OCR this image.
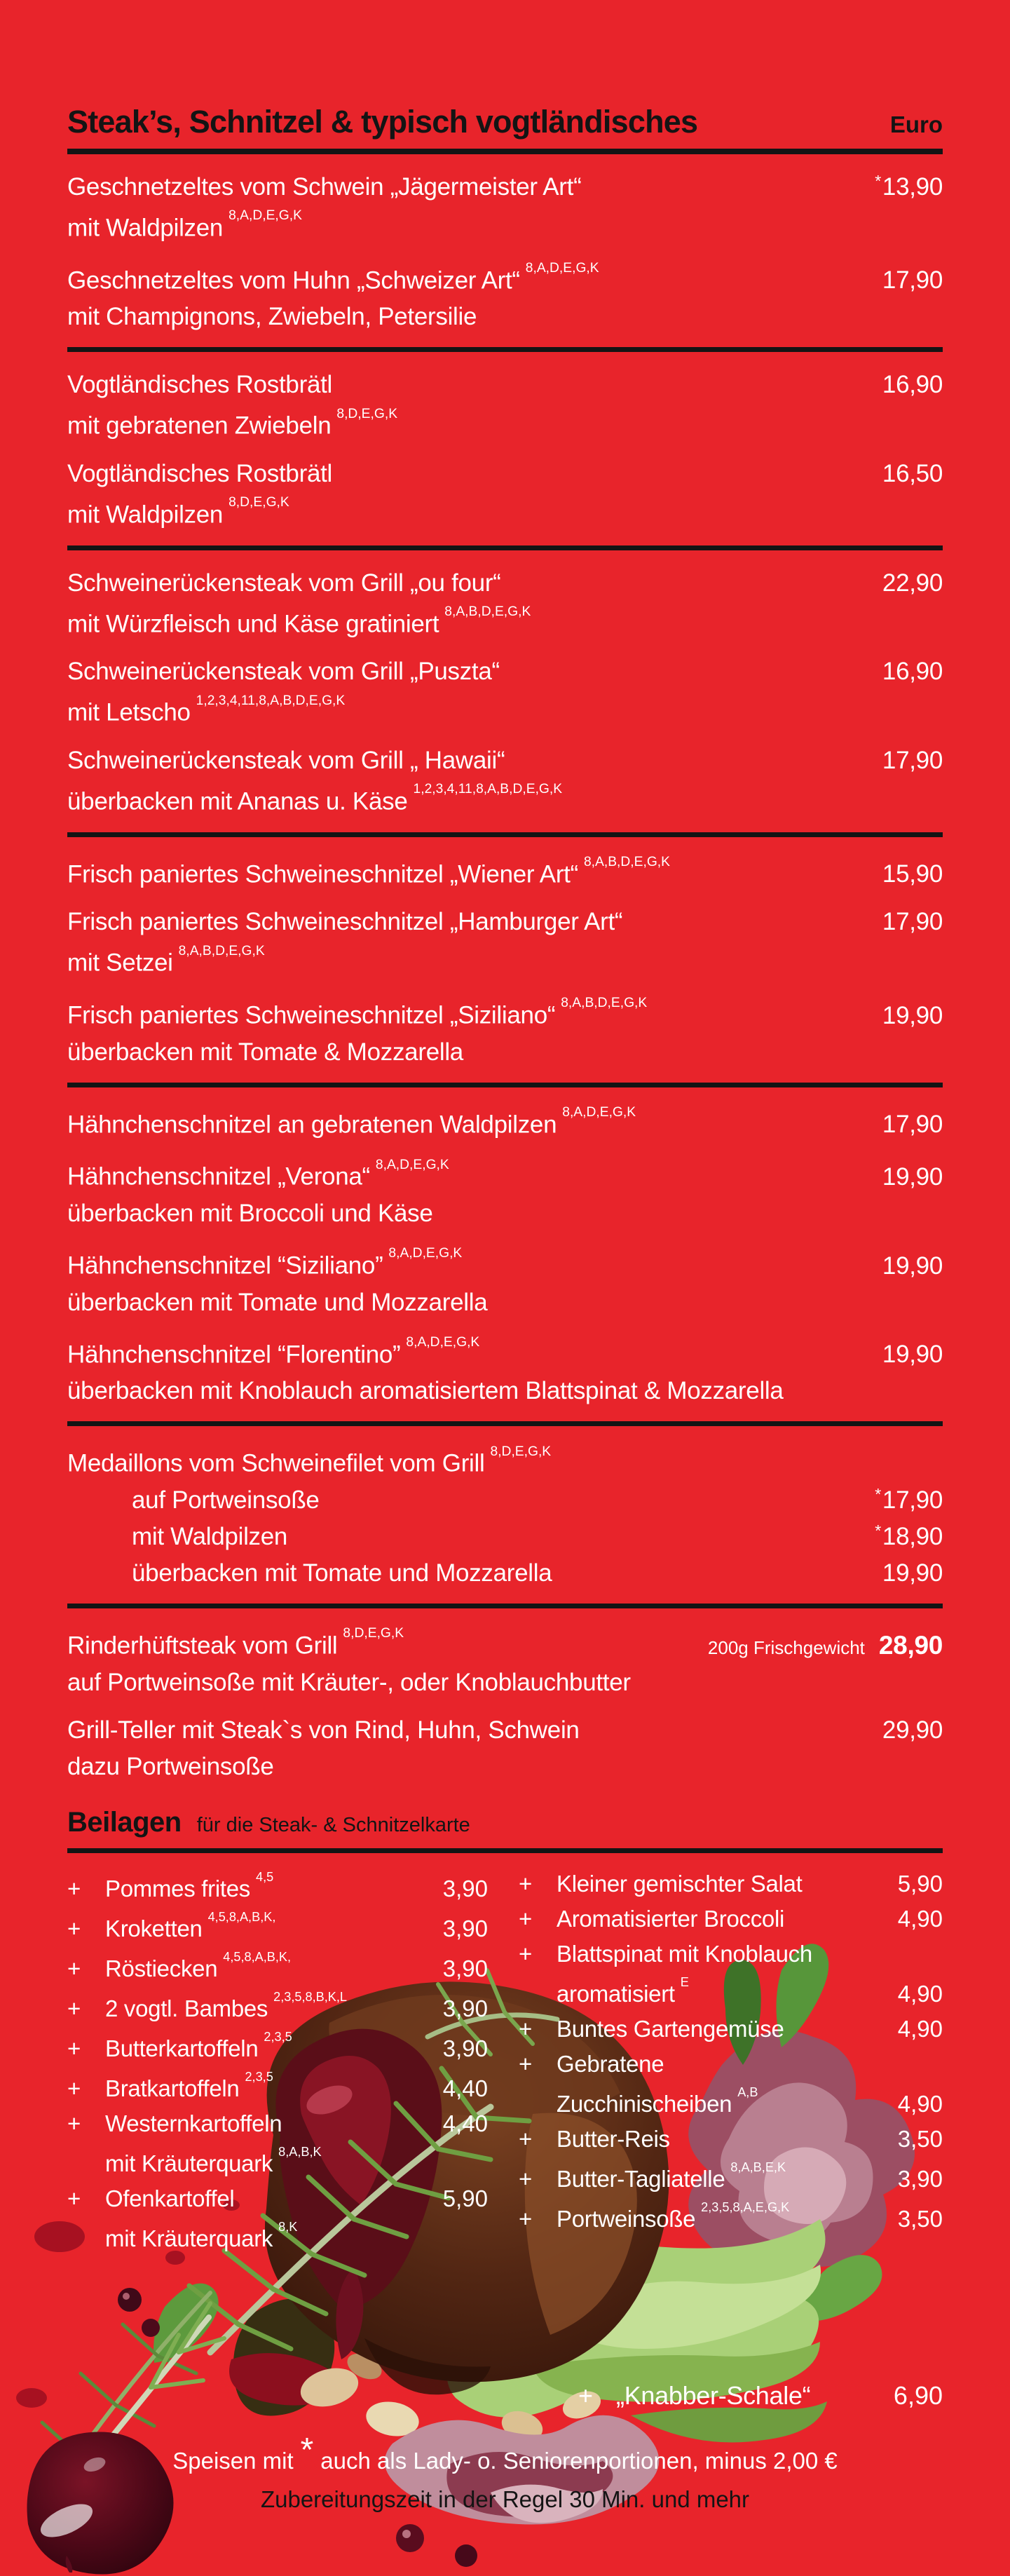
Steak’s, Schnitzel & typisch vogtländisches	Euro
Geschnetzeltes vom Schwein „Jägermeister Art“	*13,90
mit Waldpilzen $^{8,A,D,E,G,K}$
Geschnetzeltes vom Huhn „Schweizer Art“ $^{8,A,D,E,G,K}$	17,90
mit Champignons, Zwiebeln, Petersilie
Vogtländisches Rostbrätl	16,90
mit gebratenen Zwiebeln $^{8,D,E,G,K}$
Vogtländisches Rostbrätl	16,50
mit Waldpilzen $^{8,D,E,G,K}$
Schweinerückensteak vom Grill „ou four“	22,90
mit Würzfleisch und Käse gratiniert $^{8,A,B,D,E,G,K}$
Schweinerückensteak vom Grill „Puszta“	16,90
mit Letscho $^{1,2,3,4,11,8,A,B,D,E,G,K}$
Schweinerückensteak vom Grill „ Hawaii“	17,90
überbacken mit Ananas u. Käse $^{1,2,3,4,11,8,A,B,D,E,G,K}$
Frisch paniertes Schweineschnitzel „Wiener Art“ $^{8,A,B,D,E,G,K}$	15,90
Frisch paniertes Schweineschnitzel „Hamburger Art“	17,90
mit Setzei $^{8,A,B,D,E,G,K}$
Frisch paniertes Schweineschnitzel „Siziliano“ $^{8,A,B,D,E,G,K}$	19,90
überbacken mit Tomate & Mozzarella
Hähnchenschnitzel an gebratenen Waldpilzen $^{8,A,D,E,G,K}$	17,90
Hähnchenschnitzel „Verona“ $^{8,A,D,E,G,K}$	19,90
überbacken mit Broccoli und Käse
Hähnchenschnitzel “Siziliano” $^{8,A,D,E,G,K}$	19,90
überbacken mit Tomate und Mozzarella
Hähnchenschnitzel “Florentino” $^{8,A,D,E,G,K}$	19,90
überbacken mit Knoblauch aromatisiertem Blattspinat & Mozzarella
Medaillons vom Schweinefilet vom Grill $^{8,D,E,G,K}$
auf Portweinsoße	*17,90
mit Waldpilzen	*18,90
überbacken mit Tomate und Mozzarella	19,90
Rinderhüftsteak vom Grill $^{8,D,E,G,K}$
200g Frischgewicht 28,90
auf Portweinsoße mit Kräuter-, oder Knoblauchbutter
Grill-Teller mit Steak`s von Rind, Huhn, Schwein	29,90
dazu Portweinsoße
Beilagen für die Steak- & Schnitzelkarte
+	Pommes frites $^{4,5}$	3,90
+	Kroketten $^{4,5,8,A,B,K,}$	3,90
+	Röstiecken $^{4,5,8,A,B,K,}$	3,90
+	2 vogtl. Bambes $^{2,3,5,8,B,K,L}$	3,90
+	Butterkartoffeln $^{2,3,5}$	3,90
+	Bratkartoffeln $^{2,3,5}$	4,40
+	Westernkartoffeln	4,40
mit Kräuterquark $^{8,A,B,K}$
+	Ofenkartoffel	5,90
mit Kräuterquark $^{8,K}$
+	Kleiner gemischter Salat	5,90
+	Aromatisierter Broccoli	4,90
+	Blattspinat mit Knoblauch
aromatisiert $^E$	4,90
+	Buntes Gartengemüse	4,90
+	Gebratene
Zucchinischeiben $^{A,B}$	4,90
+	Butter-Reis	3,50
+	Butter-Tagliatelle $^{8,A,B,E,K}$	3,90
+	Portweinsoße $^{2,3,5,8,A,E,G,K}$	3,50
+ „Knabber-Schale“	6,90
Speisen mit * auch als Lady- o. Seniorenportionen, minus 2,00 €
Zubereitungszeit in der Regel 30 Min. und mehr
